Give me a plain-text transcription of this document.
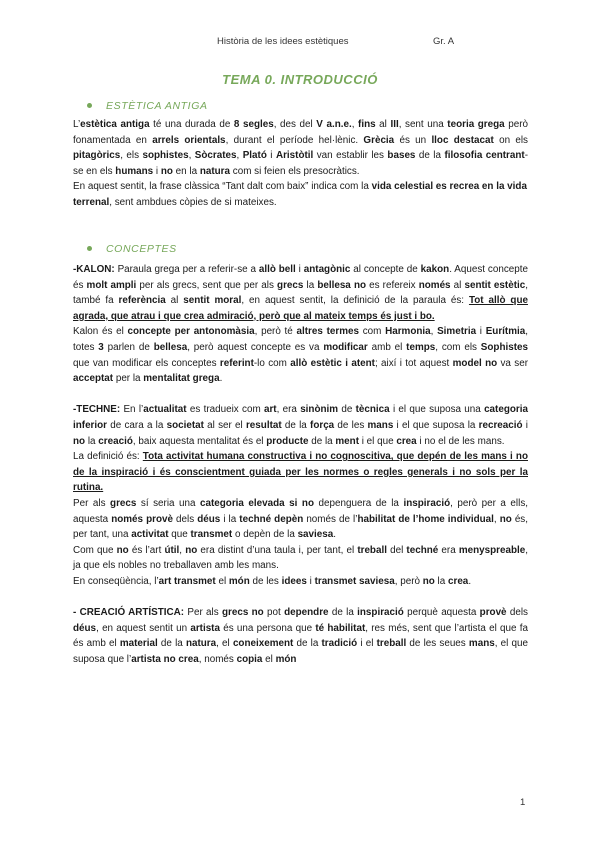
Història de les idees estètiques	Gr. A
TEMA 0. INTRODUCCIÓ
ESTÈTICA ANTIGA

L’estètica antiga té una durada de 8 segles, des del V a.n.e., fins al III, sent una teoria grega però fonamentada en arrels orientals, durant el període hel·lènic. Grècia és un lloc destacat on els pitagòrics, els sophistes, Sòcrates, Plató i Aristòtil van establir les bases de la filosofia centrant-se en els humans i no en la natura com si feien els presocràtics.

En aquest sentit, la frase clàssica “Tant dalt com baix” indica com la vida celestial es recrea en la vida terrenal, sent ambdues còpies de si mateixes.

CONCEPTES

-KALON: Paraula grega per a referir-se a allò bell i antagònic al concepte de kakon. Aquest concepte és molt ampli per als grecs, sent que per als grecs la bellesa no es refereix només al sentit estètic, també fa referència al sentit moral, en aquest sentit, la definició de la paraula és: Tot allò que agrada, que atrau i que crea admiració, però que al mateix temps és just i bo.

Kalon és el concepte per antonomàsia, però té altres termes com Harmonia, Simetria i Eurítmia, totes 3 parlen de bellesa, però aquest concepte es va modificar amb el temps, com els Sophistes que van modificar els conceptes referint-lo com allò estètic i atent; així i tot aquest model no va ser acceptat per la mentalitat grega.

-TECHNE: En l’actualitat es tradueix com art, era sinònim de tècnica i el que suposa una categoria inferior de cara a la societat al ser el resultat de la força de les mans i el que suposa la recreació i no la creació, baix aquesta mentalitat és el producte de la ment i el que crea i no el de les mans.

La definició és: Tota activitat humana constructiva i no cognoscitiva, que depén de les mans i no de la inspiració i és conscientment guiada per les normes o regles generals i no sols per la rutina.

Per als grecs sí seria una categoria elevada si no depenguera de la inspiració, però per a ells, aquesta només provè dels déus i la techné depèn només de l’habilitat de l’home individual, no és, per tant, una activitat que transmet o depèn de la saviesa.

Com que no és l’art útil, no era distint d’una taula i, per tant, el treball del techné era menyspreable, ja que els nobles no treballaven amb les mans.

En conseqüència, l’art transmet el món de les idees i transmet saviesa, però no la crea.

- CREACIÓ ARTÍSTICA: Per als grecs no pot dependre de la inspiració perquè aquesta provè dels déus, en aquest sentit un artista és una persona que té habilitat, res més, sent que l’artista el que fa és amb el material de la natura, el coneixement de la tradició i el treball de les seues mans, el que suposa que l’artista no crea, només copia el món

1
